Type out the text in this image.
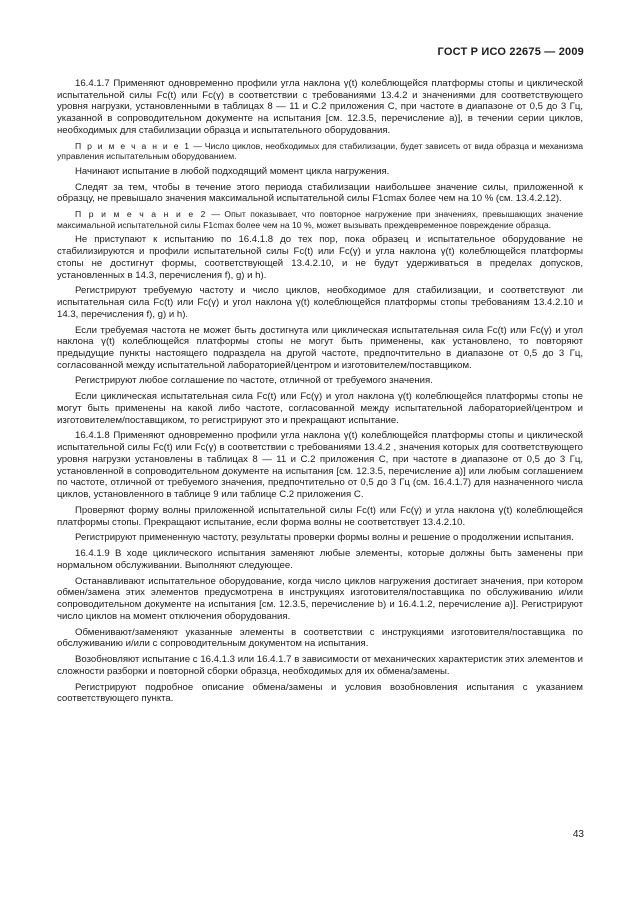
ГОСТ Р ИСО 22675 — 2009

16.4.1.7 Применяют одновременно профили угла наклона γ(t) колеблющейся платформы стопы и циклической испытательной силы Fc(t) или Fc(γ) в соответствии с требованиями 13.4.2 и значениями для соответствующего уровня нагрузки, установленными в таблицах 8 — 11 и С.2 приложения С, при частоте в диапазоне от 0,5 до 3 Гц, указанной в сопроводительном документе на испытания [см. 12.3.5, перечисление a)], в течении серии циклов, необходимых для стабилизации образца и испытательного оборудования.

П р и м е ч а н и е 1 — Число циклов, необходимых для стабилизации, будет зависеть от вида образца и механизма управления испытательным оборудованием.

Начинают испытание в любой подходящий момент цикла нагружения.

Следят за тем, чтобы в течение этого периода стабилизации наибольшее значение силы, приложенной к образцу, не превышало значения максимальной испытательной силы F1cmax более чем на 10 % (см. 13.4.2.12).

П р и м е ч а н и е 2 — Опыт показывает, что повторное нагружение при значениях, превышающих значение максимальной испытательной силы F1cmax более чем на 10 %, может вызывать преждевременное повреждение образца.

Не приступают к испытанию по 16.4.1.8 до тех пор, пока образец и испытательное оборудование не стабилизируются и профили испытательной силы Fc(t) или Fc(γ) и угла наклона γ(t) колеблющейся платформы стопы не достигнут формы, соответствующей 13.4.2.10, и не будут удерживаться в пределах допусков, установленных в 14.3, перечисления f), g) и h).

Регистрируют требуемую частоту и число циклов, необходимое для стабилизации, и соответствуют ли испытательная сила Fc(t) или Fc(γ) и угол наклона γ(t) колеблющейся платформы стопы требованиям 13.4.2.10 и 14.3, перечисления f), g) и h).

Если требуемая частота не может быть достигнута или циклическая испытательная сила Fc(t) или Fc(γ) и угол наклона γ(t) колеблющейся платформы стопы не могут быть применены, как установлено, то повторяют предыдущие пункты настоящего подраздела на другой частоте, предпочтительно в диапазоне от 0,5 до 3 Гц, согласованной между испытательной лабораторией/центром и изготовителем/поставщиком.

Регистрируют любое соглашение по частоте, отличной от требуемого значения.

Если циклическая испытательная сила Fc(t) или Fc(γ) и угол наклона γ(t) колеблющейся платформы стопы не могут быть применены на какой либо частоте, согласованной между испытательной лабораторией/центром и изготовителем/поставщиком, то регистрируют это и прекращают испытание.

16.4.1.8 Применяют одновременно профили угла наклона γ(t) колеблющейся платформы стопы и циклической испытательной силы Fc(t) или Fc(γ) в соответствии с требованиями 13.4.2 , значения которых для соответствующего уровня нагрузки установлены в таблицах 8 — 11 и С.2 приложения С, при частоте в диапазоне от 0,5 до 3 Гц, установленной в сопроводительном документе на испытания [см. 12.3.5, перечисление a)] или любым соглашением по частоте, отличной от требуемого значения, предпочтительно от 0,5 до 3 Гц (см. 16.4.1.7) для назначенного числа циклов, установленного в таблице 9 или таблице С.2 приложения С.

Проверяют форму волны приложенной испытательной силы Fc(t) или Fc(γ) и угла наклона γ(t) колеблющейся платформы стопы. Прекращают испытание, если форма волны не соответствует 13.4.2.10.

Регистрируют примененную частоту, результаты проверки формы волны и решение о продолжении испытания.

16.4.1.9 В ходе циклического испытания заменяют любые элементы, которые должны быть заменены при нормальном обслуживании. Выполняют следующее.

Останавливают испытательное оборудование, когда число циклов нагружения достигает значения, при котором обмен/замена этих элементов предусмотрена в инструкциях изготовителя/поставщика по обслуживанию и/или сопроводительном документе на испытания [см. 12.3.5, перечисление b) и 16.4.1.2, перечисление a)]. Регистрируют число циклов на момент отключения оборудования.

Обменивают/заменяют указанные элементы в соответствии с инструкциями изготовителя/поставщика по обслуживанию и/или с сопроводительным документом на испытания.

Возобновляют испытание с 16.4.1.3 или 16.4.1.7 в зависимости от механических характеристик этих элементов и сложности разборки и повторной сборки образца, необходимых для их обмена/замены.

Регистрируют подробное описание обмена/замены и условия возобновления испытания с указанием соответствующего пункта.

43
